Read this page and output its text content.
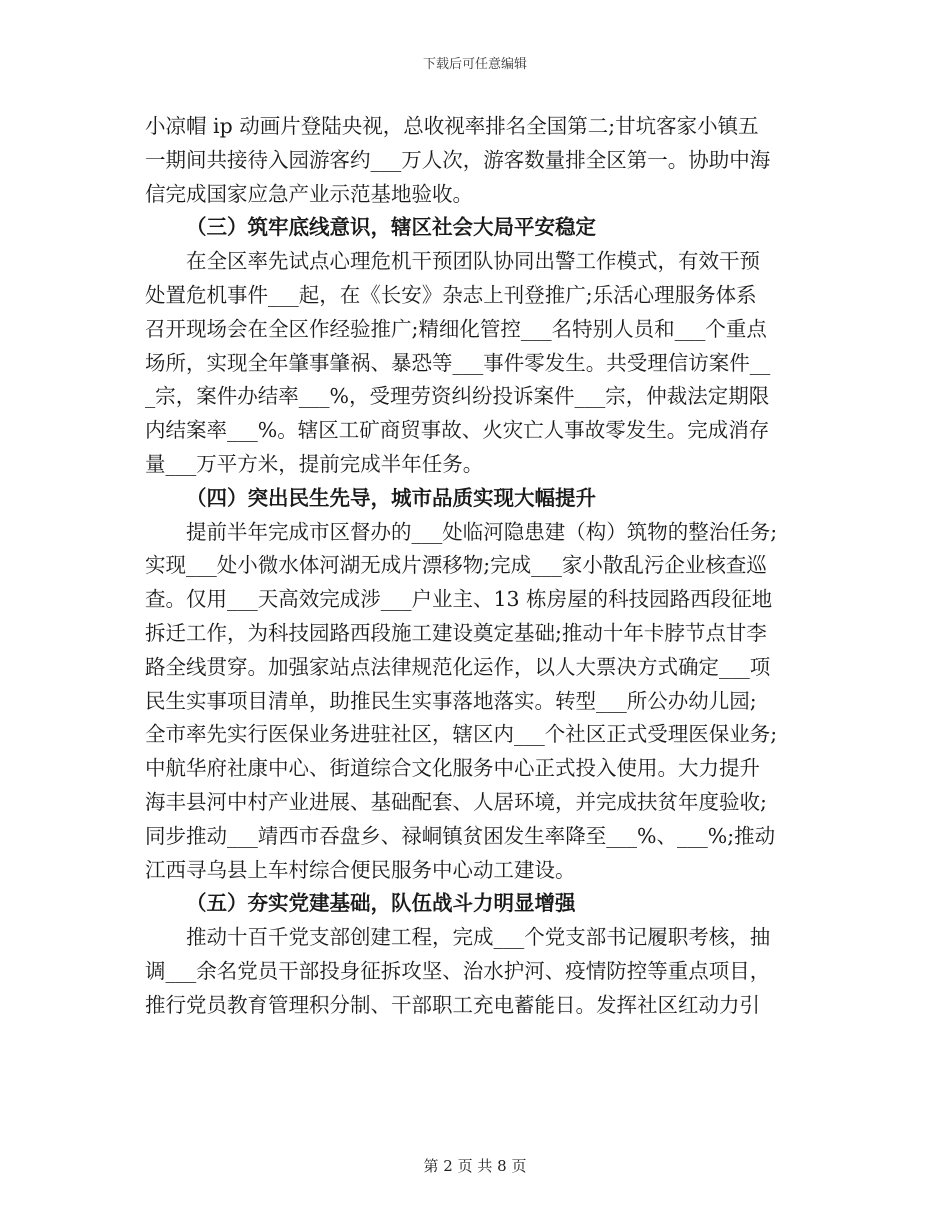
下载后可任意编辑
小凉帽 ip 动画片登陆央视，总收视率排名全国第二;甘坑客家小镇五
一期间共接待入园游客约___万人次，游客数量排全区第一。协助中海
信完成国家应急产业示范基地验收。
（三）筑牢底线意识，辖区社会大局平安稳定
在全区率先试点心理危机干预团队协同出警工作模式，有效干预
处置危机事件___起，在《长安》杂志上刊登推广;乐活心理服务体系
召开现场会在全区作经验推广;精细化管控___名特别人员和___个重点
场所，实现全年肇事肇祸、暴恐等___事件零发生。共受理信访案件__
_宗，案件办结率___%，受理劳资纠纷投诉案件___宗，仲裁法定期限
内结案率___%。辖区工矿商贸事故、火灾亡人事故零发生。完成消存
量___万平方米，提前完成半年任务。
（四）突出民生先导，城市品质实现大幅提升
提前半年完成市区督办的___处临河隐患建（构）筑物的整治任务;
实现___处小微水体河湖无成片漂移物;完成___家小散乱污企业核查巡
查。仅用___天高效完成涉___户业主、13 栋房屋的科技园路西段征地
拆迁工作，为科技园路西段施工建设奠定基础;推动十年卡脖节点甘李
路全线贯穿。加强家站点法律规范化运作，以人大票决方式确定___项
民生实事项目清单，助推民生实事落地落实。转型___所公办幼儿园;
全市率先实行医保业务进驻社区，辖区内___个社区正式受理医保业务;
中航华府社康中心、街道综合文化服务中心正式投入使用。大力提升
海丰县河中村产业进展、基础配套、人居环境，并完成扶贫年度验收;
同步推动___靖西市吞盘乡、禄峒镇贫困发生率降至___%、___%;推动
江西寻乌县上车村综合便民服务中心动工建设。
（五）夯实党建基础，队伍战斗力明显增强
推动十百千党支部创建工程，完成___个党支部书记履职考核，抽
调___余名党员干部投身征拆攻坚、治水护河、疫情防控等重点项目，
推行党员教育管理积分制、干部职工充电蓄能日。发挥社区红动力引
第 2 页 共 8 页
